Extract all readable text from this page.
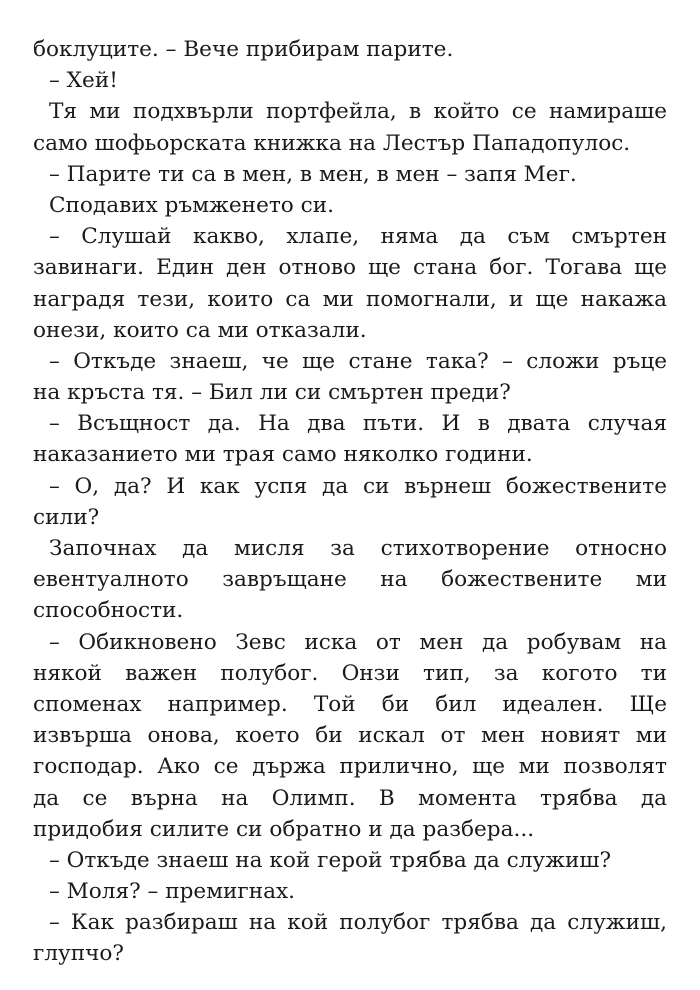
боклуците. – Вече прибирам парите.
– Хей!
Тя ми подхвърли портфейла, в който се намираше
само шофьорската книжка на Лестър Пападопулос.
– Парите ти са в мен, в мен, в мен – запя Мег.
Сподавих ръмженето си.
– Слушай какво, хлапе, няма да съм смъртен
завинаги. Един ден отново ще стана бог. Тогава ще
наградя тези, които са ми помогнали, и ще накажа
онези, които са ми отказали.
– Откъде знаеш, че ще стане така? – сложи ръце
на кръста тя. – Бил ли си смъртен преди?
– Всъщност да. На два пъти. И в двата случая
наказанието ми трая само няколко години.
– О, да? И как успя да си върнеш божествените
сили?
Започнах да мисля за стихотворение относно
евентуалното завръщане на божествените ми
способности.
– Обикновено Зевс иска от мен да робувам на
някой важен полубог. Онзи тип, за когото ти
споменах например. Той би бил идеален. Ще
извърша онова, което би искал от мен новият ми
господар. Ако се държа прилично, ще ми позволят
да се върна на Олимп. В момента трябва да
придобия силите си обратно и да разбера...
– Откъде знаеш на кой герой трябва да служиш?
– Моля? – премигнах.
– Как разбираш на кой полубог трябва да служиш,
глупчо?
